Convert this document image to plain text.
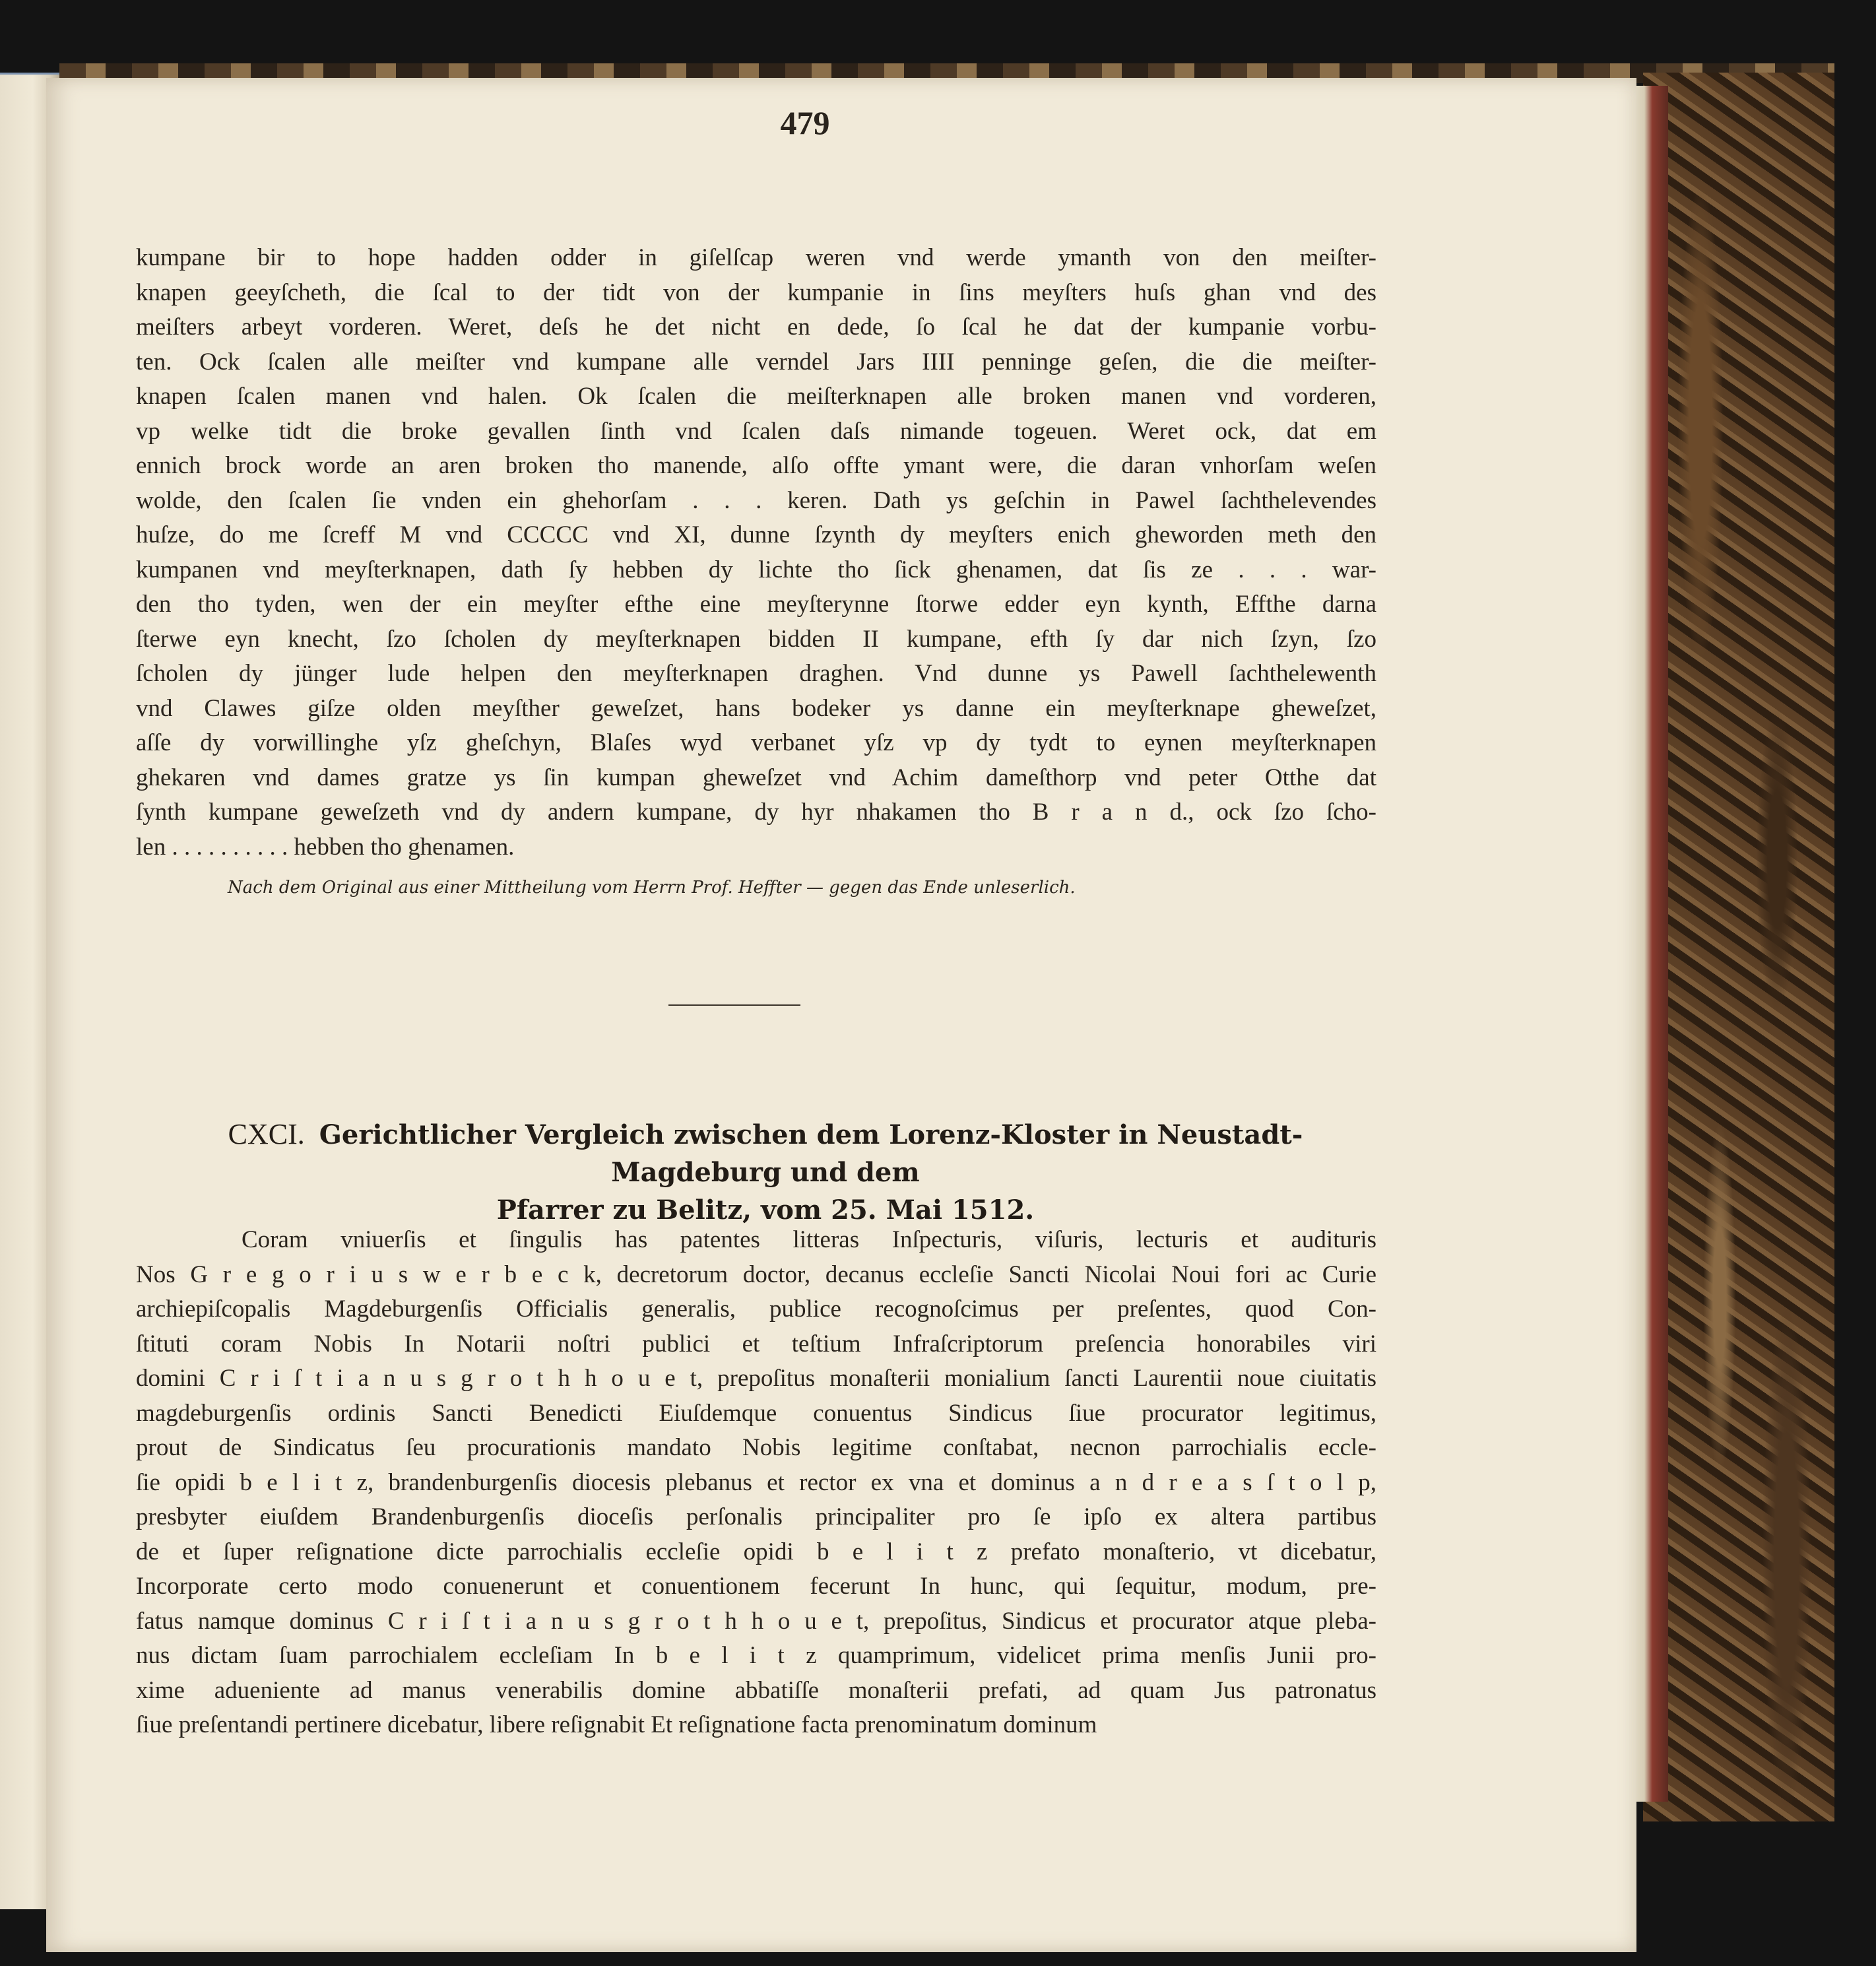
479
kumpane bir to hope hadden odder in giſelſcap weren vnd werde ymanth von den meiſter-
knapen geeyſcheth, die ſcal to der tidt von der kumpanie in ſins meyſters huſs ghan vnd des
meiſters arbeyt vorderen. Weret, deſs he det nicht en dede, ſo ſcal he dat der kumpanie vorbu-
ten. Ock ſcalen alle meiſter vnd kumpane alle verndel Jars IIII penninge geſen, die die meiſter-
knapen ſcalen manen vnd halen. Ok ſcalen die meiſterknapen alle broken manen vnd vorderen,
vp welke tidt die broke gevallen ſinth vnd ſcalen daſs nimande togeuen. Weret ock, dat em
ennich brock worde an aren broken tho manende, alſo offte ymant were, die daran vnhorſam weſen
wolde, den ſcalen ſie vnden ein ghehorſam . . . keren. Dath ys geſchin in Pawel ſachthelevendes
huſze, do me ſcreff M vnd CCCCC vnd XI, dunne ſzynth dy meyſters enich gheworden meth den
kumpanen vnd meyſterknapen, dath ſy hebben dy lichte tho ſick ghenamen, dat ſis ze . . . war-
den tho tyden, wen der ein meyſter efthe eine meyſterynne ſtorwe edder eyn kynth, Effthe darna
ſterwe eyn knecht, ſzo ſcholen dy meyſterknapen bidden II kumpane, efth ſy dar nich ſzyn, ſzo
ſcholen dy jünger lude helpen den meyſterknapen draghen. Vnd dunne ys Pawell ſachthelewenth
vnd Clawes giſze olden meyſther geweſzet, hans bodeker ys danne ein meyſterknape ghewеſzet,
aſſe dy vorwillinghe yſz gheſchyn, Blaſes wyd verbanet yſz vp dy tydt to eynen meyſterknapen
ghekaren vnd dames gratze ys ſin kumpan gheweſzet vnd Achim dameſthorp vnd peter Otthe dat
ſynth kumpane geweſzeth vnd dy andern kumpane, dy hyr nhakamen tho B r a n d., ock ſzo ſcho-
len . . . . . . . . . . hebben tho ghenamen.
Nach dem Original aus einer Mittheilung vom Herrn Prof. Heffter — gegen das Ende unleserlich.
CXCI. Gerichtlicher Vergleich zwischen dem Lorenz-Kloster in Neustadt-Magdeburg und dem
Pfarrer zu Belitz, vom 25. Mai 1512.
Coram vniuerſis et ſingulis has patentes litteras Inſpecturis, viſuris, lecturis et audituris
Nos G r e g o r i u s w e r b e c k, decretorum doctor, decanus eccleſie Sancti Nicolai Noui fori ac Curie
archiepiſcopalis Magdeburgenſis Officialis generalis, publice recognoſcimus per preſentes, quod Con-
ſtituti coram Nobis In Notarii noſtri publici et teſtium Infraſcriptorum preſencia honorabiles viri
domini C r i ſ t i a n u s g r o t h h o u e t, prepoſitus monaſterii monialium ſancti Laurentii noue ciuitatis
magdeburgenſis ordinis Sancti Benedicti Eiuſdemque conuentus Sindicus ſiue procurator legitimus,
prout de Sindicatus ſeu procurationis mandato Nobis legitime conſtabat, necnon parrochialis eccle-
ſie opidi b e l i t z, brandenburgenſis diocesis plebanus et rector ex vna et dominus a n d r e a s ſ t o l p,
presbyter eiuſdem Brandenburgenſis dioceſis perſonalis principaliter pro ſe ipſo ex altera partibus
de et ſuper reſignatione dicte parrochialis eccleſie opidi b e l i t z prefato monaſterio, vt dicebatur,
Incorporate certo modo conuenerunt et conuentionem fecerunt In hunc, qui ſequitur, modum, pre-
fatus namque dominus C r i ſ t i a n u s g r o t h h o u e t, prepoſitus, Sindicus et procurator atque pleba-
nus dictam ſuam parrochialem eccleſiam In b e l i t z quamprimum, videlicet prima menſis Junii pro-
xime adueniente ad manus venerabilis domine abbatiſſe monaſterii prefati, ad quam Jus patronatus
ſiue preſentandi pertinere dicebatur, libere reſignabit Et reſignatione facta prenominatum dominum
